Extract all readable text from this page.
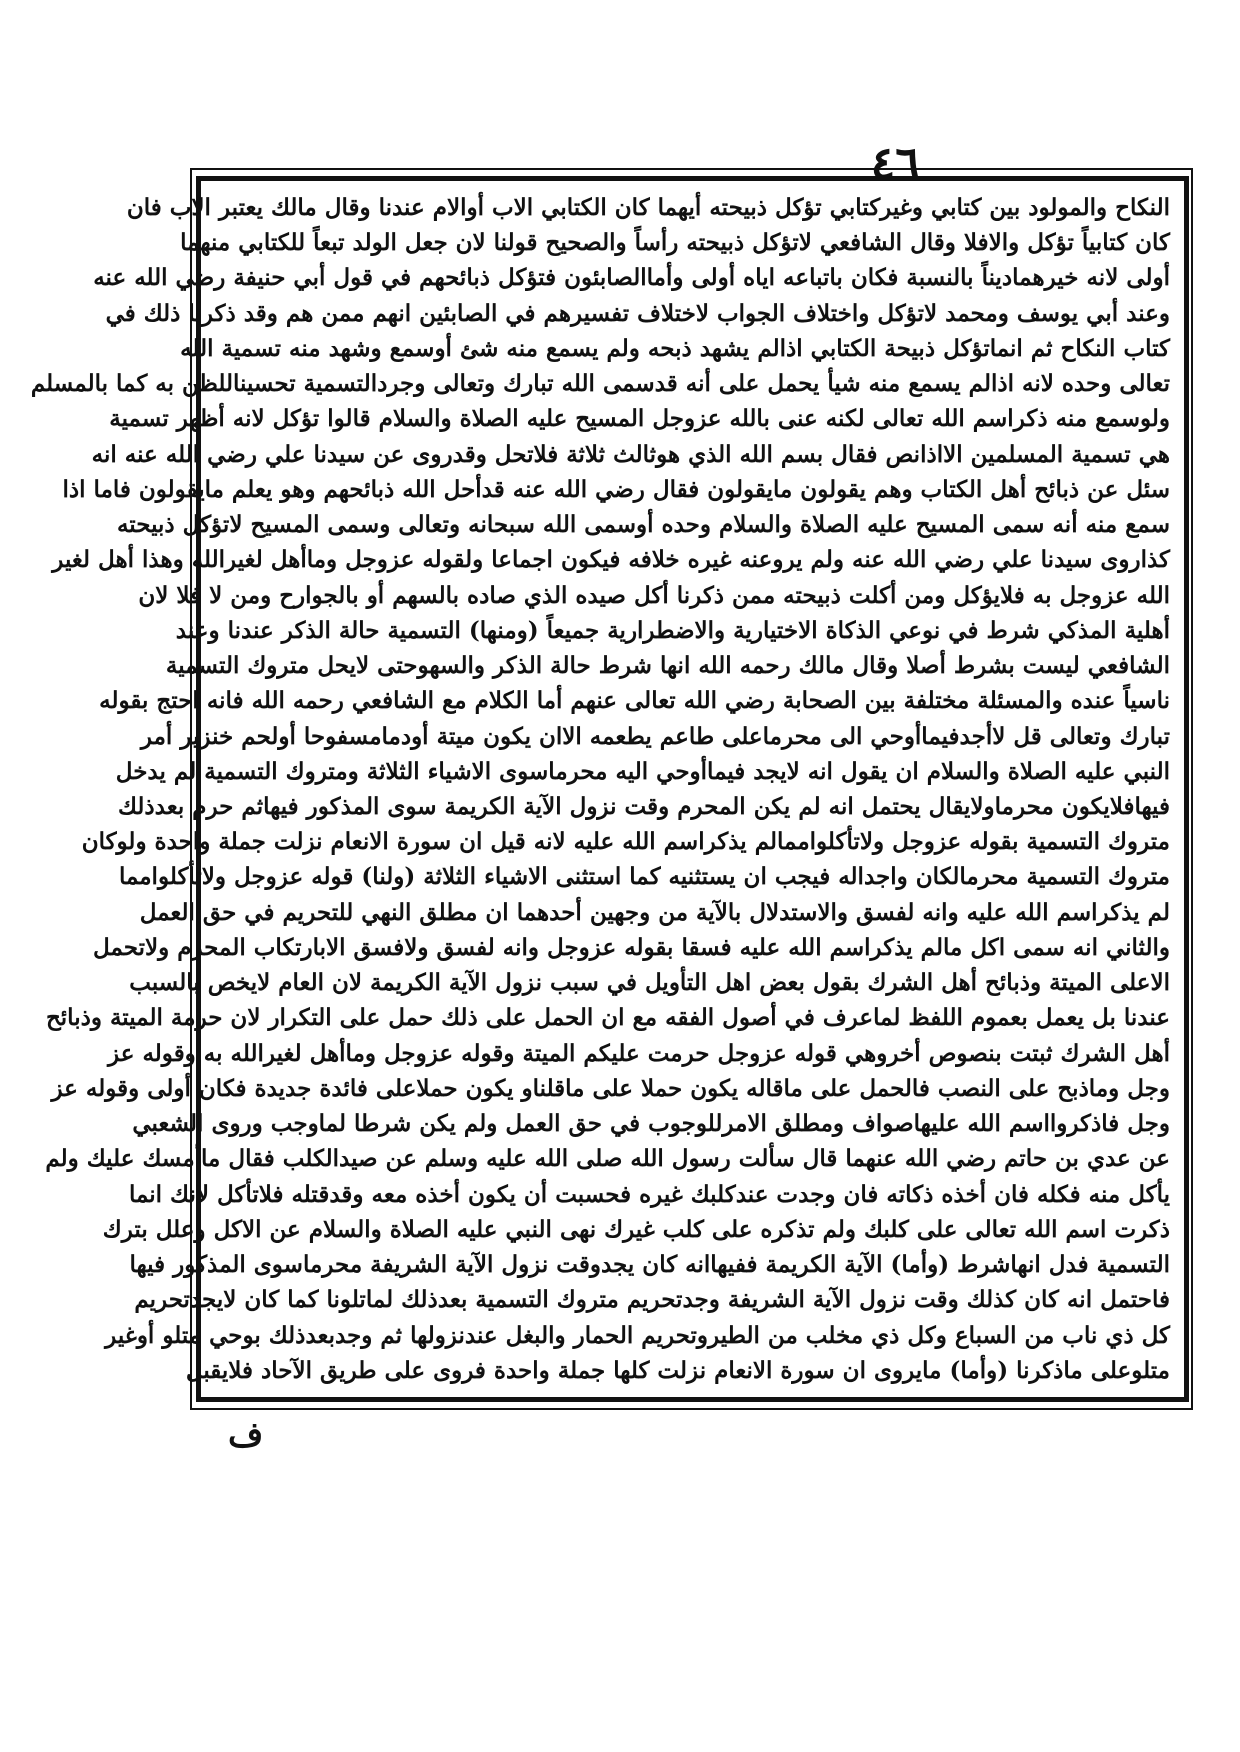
٤٦
النكاح والمولود بين كتابي وغيركتابي تؤكل ذبيحته أيهما كان الكتابي الاب أوالام عندنا وقال مالك يعتبر الاب فان
كان كتابياً تؤكل والافلا وقال الشافعي لاتؤكل ذبيحته رأساً والصحيح قولنا لان جعل الولد تبعاً للكتابي منهما
أولى لانه خيرهماديناً بالنسبة فكان باتباعه اياه أولى وأماالصابئون فتؤكل ذبائحهم في قول أبي حنيفة رضي الله عنه
وعند أبي يوسف ومحمد لاتؤكل واختلاف الجواب لاختلاف تفسيرهم في الصابئين انهم ممن هم وقد ذكرنا ذلك في
كتاب النكاح ثم انماتؤكل ذبيحة الكتابي اذالم يشهد ذبحه ولم يسمع منه شئ أوسمع وشهد منه تسمية الله
تعالى وحده لانه اذالم يسمع منه شيأ يحمل على أنه قدسمى الله تبارك وتعالى وجردالتسمية تحسيناللظن به كما بالمسلم
ولوسمع منه ذكراسم الله تعالى لكنه عنى بالله عزوجل المسيح عليه الصلاة والسلام قالوا تؤكل لانه أظهر تسمية
هي تسمية المسلمين الااذانص فقال بسم الله الذي هوثالث ثلاثة فلاتحل وقدروى عن سيدنا علي رضي الله عنه انه
سئل عن ذبائح أهل الكتاب وهم يقولون مايقولون فقال رضي الله عنه قدأحل الله ذبائحهم وهو يعلم مايقولون فاما اذا
سمع منه أنه سمى المسيح عليه الصلاة والسلام وحده أوسمى الله سبحانه وتعالى وسمى المسيح لاتؤكل ذبيحته
كذاروى سيدنا علي رضي الله عنه ولم يروعنه غيره خلافه فيكون اجماعا ولقوله عزوجل وماأهل لغيرالله وهذا أهل لغير
الله عزوجل به فلايؤكل ومن أكلت ذبيحته ممن ذكرنا أكل صيده الذي صاده بالسهم أو بالجوارح ومن لا فلا لان
أهلية المذكي شرط في نوعي الذكاة الاختيارية والاضطرارية جميعاً (ومنها) التسمية حالة الذكر عندنا وعند
الشافعي ليست بشرط أصلا وقال مالك رحمه الله انها شرط حالة الذكر والسهوحتى لايحل متروك التسمية
ناسياً عنده والمسئلة مختلفة بين الصحابة رضي الله تعالى عنهم أما الكلام مع الشافعي رحمه الله فانه احتج بقوله
تبارك وتعالى قل لاأجدفيماأوحي الى محرماعلى طاعم يطعمه الاان يكون ميتة أودمامسفوحا أولحم خنزير أمر
النبي عليه الصلاة والسلام ان يقول انه لايجد فيماأوحي اليه محرماسوى الاشياء الثلاثة ومتروك التسمية لم يدخل
فيهافلايكون محرماولايقال يحتمل انه لم يكن المحرم وقت نزول الآية الكريمة سوى المذكور فيهاثم حرم بعدذلك
متروك التسمية بقوله عزوجل ولاتأكلواممالم يذكراسم الله عليه لانه قيل ان سورة الانعام نزلت جملة واحدة ولوكان
متروك التسمية محرمالكان واجداله فيجب ان يستثنيه كما استثنى الاشياء الثلاثة (ولنا) قوله عزوجل ولاتأكلوامما
لم يذكراسم الله عليه وانه لفسق والاستدلال بالآية من وجهين أحدهما ان مطلق النهي للتحريم في حق العمل
والثاني انه سمى اكل مالم يذكراسم الله عليه فسقا بقوله عزوجل وانه لفسق ولافسق الابارتكاب المحرم ولاتحمل
الاعلى الميتة وذبائح أهل الشرك بقول بعض اهل التأويل في سبب نزول الآية الكريمة لان العام لايخص بالسبب
عندنا بل يعمل بعموم اللفظ لماعرف في أصول الفقه مع ان الحمل على ذلك حمل على التكرار لان حرمة الميتة وذبائح
أهل الشرك ثبتت بنصوص أخروهي قوله عزوجل حرمت عليكم الميتة وقوله عزوجل وماأهل لغيرالله به وقوله عز
وجل وماذبح على النصب فالحمل على ماقاله يكون حملا على ماقلناو يكون حملاعلى فائدة جديدة فكان أولى وقوله عز
وجل فاذكروااسم الله عليهاصواف ومطلق الامرللوجوب في حق العمل ولم يكن شرطا لماوجب وروى الشعبي
عن عدي بن حاتم رضي الله عنهما قال سألت رسول الله صلى الله عليه وسلم عن صيدالكلب فقال ماأمسك عليك ولم
يأكل منه فكله فان أخذه ذكاته فان وجدت عندكلبك غيره فحسبت أن يكون أخذه معه وقدقتله فلاتأكل لانك انما
ذكرت اسم الله تعالى على كلبك ولم تذكره على كلب غيرك نهى النبي عليه الصلاة والسلام عن الاكل وعلل بترك
التسمية فدل انهاشرط (وأما) الآية الكريمة ففيهاانه كان يجدوقت نزول الآية الشريفة محرماسوى المذكور فيها
فاحتمل انه كان كذلك وقت نزول الآية الشريفة وجدتحريم متروك التسمية بعدذلك لماتلونا كما كان لايجدتحريم
كل ذي ناب من السباع وكل ذي مخلب من الطيروتحريم الحمار والبغل عندنزولها ثم وجدبعدذلك بوحي متلو أوغير
متلوعلى ماذكرنا (وأما) مايروى ان سورة الانعام نزلت كلها جملة واحدة فروى على طريق الآحاد فلايقبل
ف
